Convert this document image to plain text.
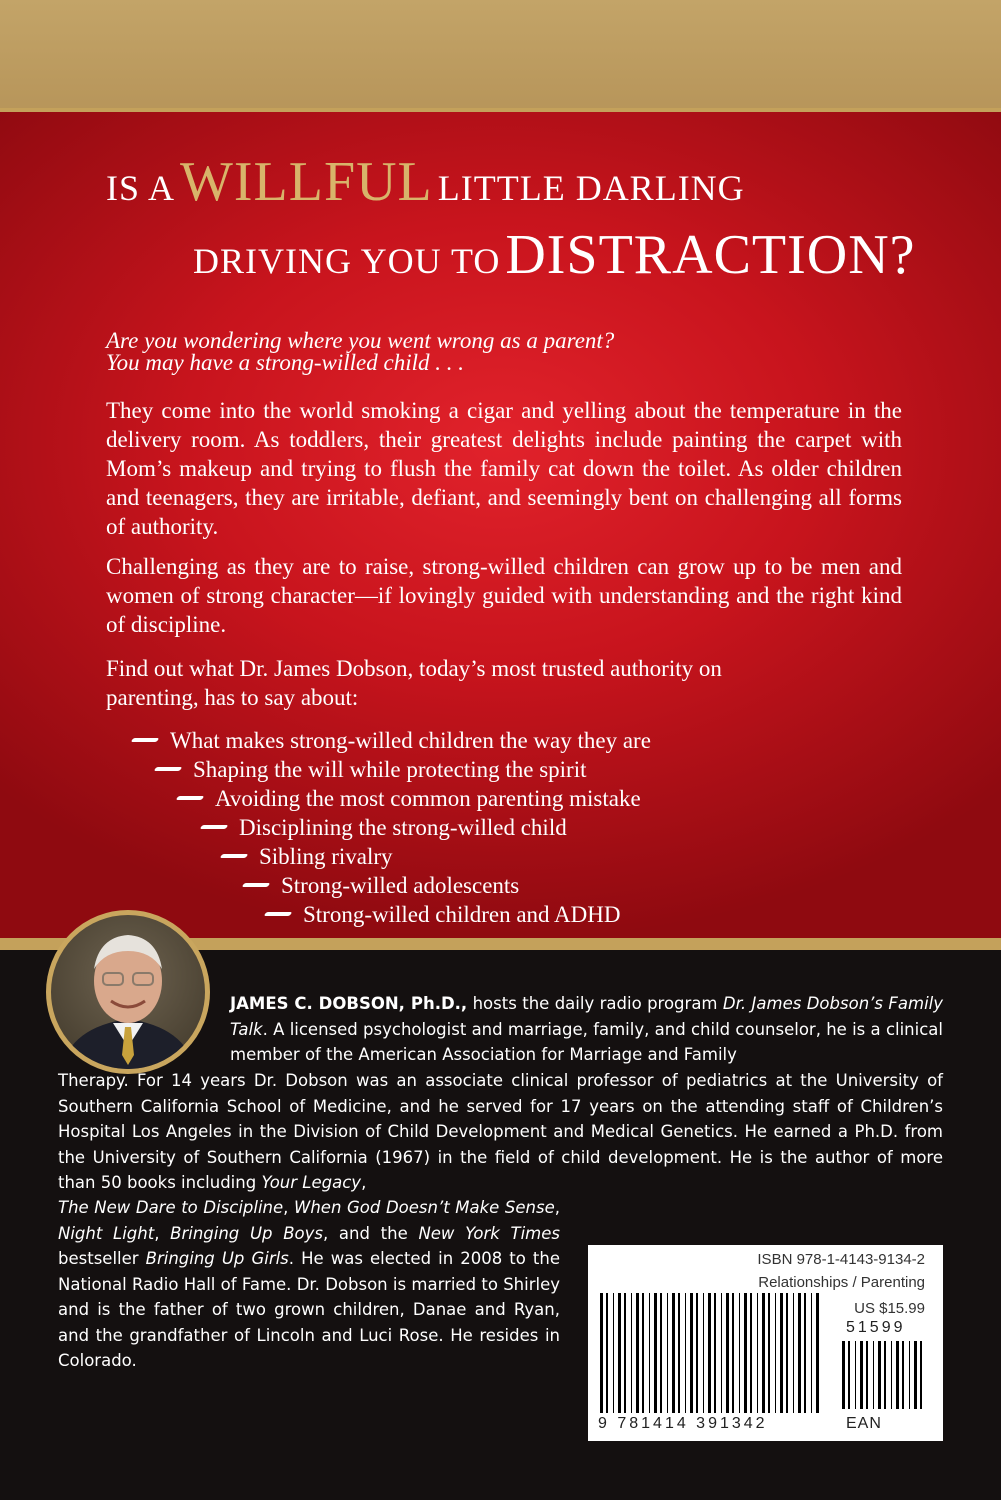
IS A WILLFUL LITTLE DARLING
DRIVING YOU TO DISTRACTION?

Are you wondering where you went wrong as a parent?

You may have a strong-willed child . . .

They come into the world smoking a cigar and yelling about the temperature in the delivery room. As toddlers, their greatest delights include painting the carpet with Mom’s makeup and trying to flush the family cat down the toilet. As older children and teenagers, they are irritable, defiant, and seemingly bent on challenging all forms of authority.

Challenging as they are to raise, strong-willed children can grow up to be men and women of strong character—if lovingly guided with understanding and the right kind of discipline.

Find out what Dr. James Dobson, today’s most trusted authority on parenting, has to say about:

What makes strong-willed children the way they are
Shaping the will while protecting the spirit
Avoiding the most common parenting mistake
Disciplining the strong-willed child
Sibling rivalry
Strong-willed adolescents
Strong-willed children and ADHD
JAMES C. DOBSON, Ph.D., hosts the daily radio program Dr. James Dobson’s Family Talk. A licensed psychologist and marriage, family, and child counselor, he is a clinical member of the American Association for Marriage and Family
Therapy. For 14 years Dr. Dobson was an associate clinical professor of pediatrics at the University of Southern California School of Medicine, and he served for 17 years on the attending staff of Children’s Hospital Los Angeles in the Division of Child Development and Medical Genetics. He earned a Ph.D. from the University of Southern California (1967) in the field of child development. He is the author of more than 50 books including Your Legacy,
The New Dare to Discipline, When God Doesn’t Make Sense, Night Light, Bringing Up Boys, and the New York Times bestseller Bringing Up Girls. He was elected in 2008 to the National Radio Hall of Fame. Dr. Dobson is married to Shirley and is the father of two grown children, Danae and Ryan, and the grandfather of Lincoln and Luci Rose. He resides in Colorado.
ISBN 978-1-4143-9134-2
Relationships / Parenting
US $15.99
51599
9 781414 391342	EAN
